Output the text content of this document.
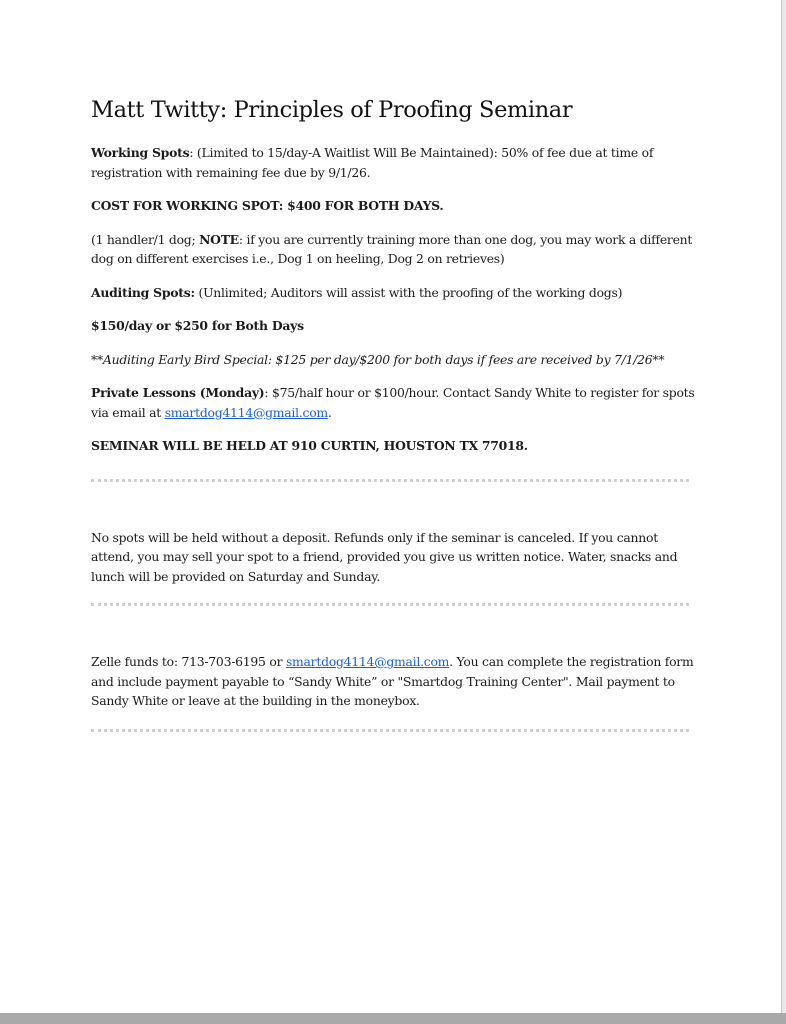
Matt Twitty: Principles of Proofing Seminar

Working Spots: (Limited to 15/day-A Waitlist Will Be Maintained): 50% of fee due at time of registration with remaining fee due by 9/1/26.

COST FOR WORKING SPOT: $400 FOR BOTH DAYS.

(1 handler/1 dog; NOTE: if you are currently training more than one dog, you may work a different dog on different exercises i.e., Dog 1 on heeling, Dog 2 on retrieves)

Auditing Spots: (Unlimited; Auditors will assist with the proofing of the working dogs)

$150/day or $250 for Both Days

**Auditing Early Bird Special: $125 per day/$200 for both days if fees are received by 7/1/26**

Private Lessons (Monday): $75/half hour or $100/hour. Contact Sandy White to register for spots via email at smartdog4114@gmail.com.

SEMINAR WILL BE HELD AT 910 CURTIN, HOUSTON TX 77018.

No spots will be held without a deposit. Refunds only if the seminar is canceled. If you cannot attend, you may sell your spot to a friend, provided you give us written notice. Water, snacks and lunch will be provided on Saturday and Sunday.

Zelle funds to: 713-703-6195 or smartdog4114@gmail.com. You can complete the registration form and include payment payable to “Sandy White” or "Smartdog Training Center". Mail payment to Sandy White or leave at the building in the moneybox.
